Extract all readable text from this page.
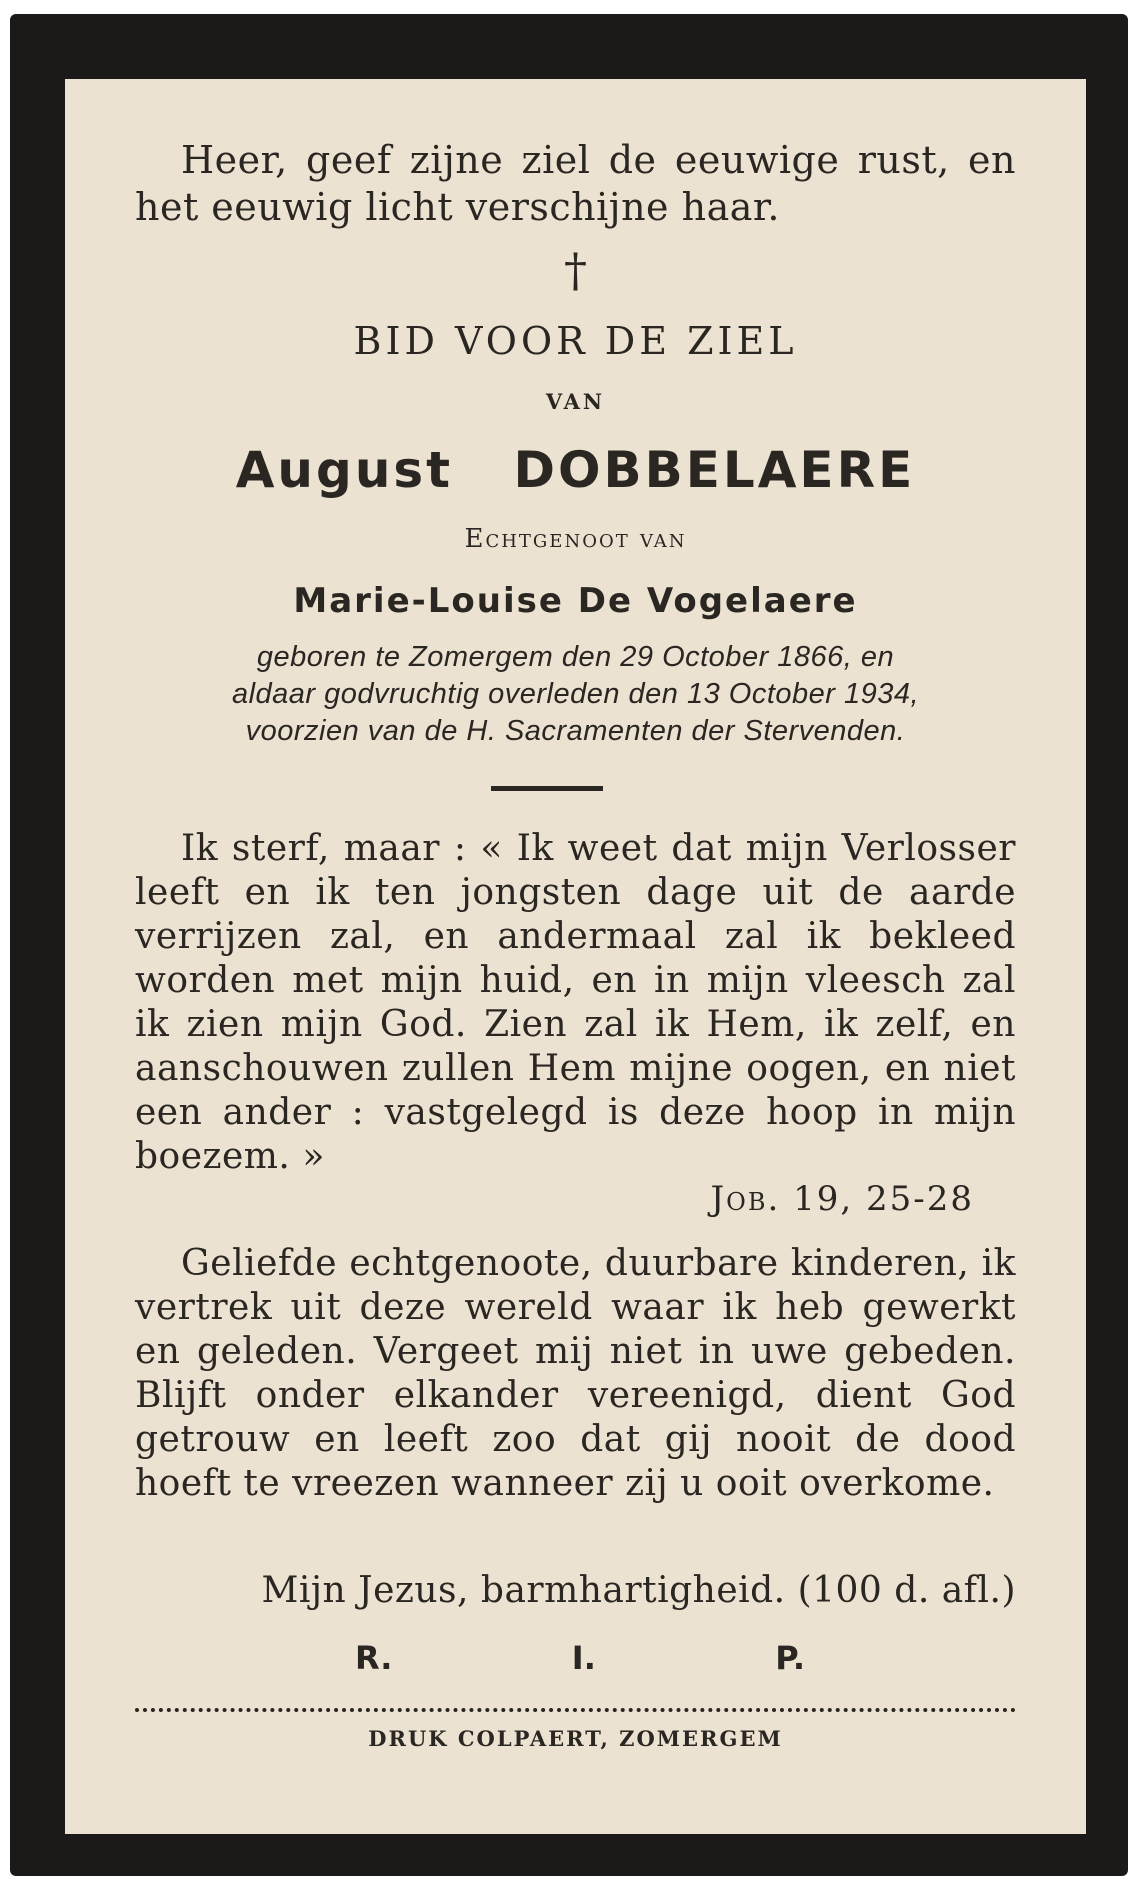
Heer, geef zijne ziel de eeuwige rust, en het eeuwig licht verschijne haar.

†
BID VOOR DE ZIEL
VAN
August DOBBELAERE
Echtgenoot van
Marie-Louise De Vogelaere
geboren te Zomergem den 29 October 1866, en
aldaar godvruchtig overleden den 13 October 1934,
voorzien van de H. Sacramenten der Stervenden.

Ik sterf, maar : « Ik weet dat mijn Verlosser leeft en ik ten jongsten dage uit de aarde verrijzen zal, en andermaal zal ik bekleed worden met mijn huid, en in mijn vleesch zal ik zien mijn God. Zien zal ik Hem, ik zelf, en aanschouwen zullen Hem mijne oogen, en niet een ander : vastgelegd is deze hoop in mijn boezem. »

Job. 19, 25-28

Geliefde echtgenoote, duurbare kinderen, ik vertrek uit deze wereld waar ik heb gewerkt en geleden. Vergeet mij niet in uwe gebeden. Blijft onder elkander vereenigd, dient God getrouw en leeft zoo dat gij nooit de dood hoeft te vreezen wanneer zij u ooit overkome.

Mijn Jezus, barmhartigheid. (100 d. afl.)
R.	I.	P.
DRUK COLPAERT, ZOMERGEM
